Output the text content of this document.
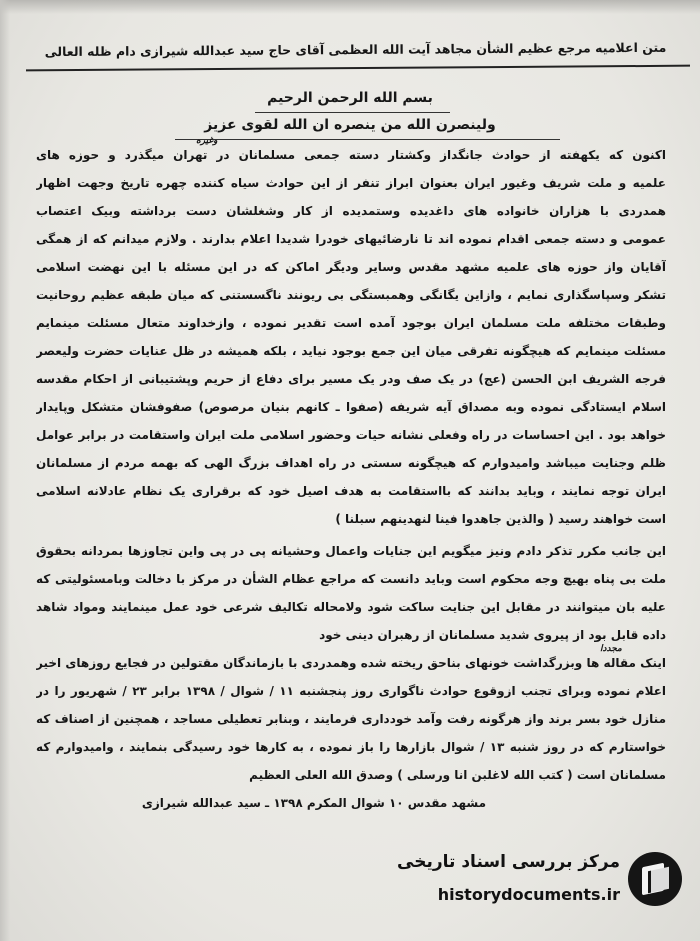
متن اعلامیه مرجع عظیم الشأن مجاهد آیت الله العظمی آقای حاج سید عبدالله شیرازی دام ظله العالی
بسم الله الرحمن الرحیم
ولینصرن الله من ینصره ان الله لقوی عزیز
وغیره
مجددا
اکنون که یکهفته از حوادث جانگداز وکشتار دسته جمعی مسلمانان در تهران میگذرد و حوزه های
علمیه و ملت شریف وغیور ایران بعنوان ابراز تنفر از این حوادث سیاه کننده چهره تاریخ وجهت اظهار
همدردی با هزاران خانواده های داغدیده وستمدیده از کار وشغلشان دست برداشته وبیک اعتصاب
عمومی و دسته جمعی اقدام نموده اند تا نارضائیهای خودرا شدیدا اعلام بدارند . ولازم میدانم که از همگی
آقایان واز حوزه های علمیه مشهد مقدس وسایر ودیگر اماکن که در این مسئله با این نهضت اسلامی
تشکر وسپاسگذاری نمایم ، وازاین یگانگی وهمبستگی بی ریونند ناگسستنی که میان طبقه عظیم روحانیت
وطبقات مختلفه ملت مسلمان ایران بوجود آمده است تقدیر نموده ، وازخداوند متعال مسئلت مینمایم
مسئلت مینمایم که هیچگونه تفرقی میان این جمع بوجود نیاید ، بلکه همیشه در ظل عنایات حضرت ولیعصر
فرجه الشریف ابن الحسن (عج) در یک صف ودر یک مسیر برای دفاع از حریم وپشتیبانی از احکام مقدسه
اسلام ایستادگی نموده وبه مصداق آیه شریفه (صفوا ـ کانهم بنیان مرصوص) صفوفشان متشکل وپایدار
خواهد بود . این احساسات در راه وفعلی نشانه حیات وحضور اسلامی ملت ایران واستقامت در برابر عوامل
ظلم وجنایت میباشد وامیدوارم که هیچگونه سستی در راه اهداف بزرگ الهی که بهمه مردم از مسلمانان
ایران توجه نمایند ، وباید بدانند که بااستقامت به هدف اصیل خود که برقراری یک نظام عادلانه اسلامی
است خواهند رسید ( والذین جاهدوا فینا لنهدینهم سبلنا )
این جانب مکرر تذکر دادم ونیز میگویم این جنایات واعمال وحشیانه پی در پی واین تجاوزها بمردانه بحقوق
ملت بی پناه بهیچ وجه محکوم است وباید دانست که مراجع عظام الشأن در مرکز با دخالت وبامسئولیتی که
علیه بان میتوانند در مقابل این جنایت ساکت شود ولامحاله تکالیف شرعی خود عمل مینمایند ومواد شاهد
داده قابل بود از پیروی شدید مسلمانان از رهبران دینی خود
اینک مقاله ها وبزرگداشت خونهای بناحق ریخته شده وهمدردی با بازماندگان مقتولین در فجایع روزهای اخیر
اعلام نموده وبرای تجنب ازوقوع حوادث ناگواری روز پنجشنبه ۱۱ / شوال / ۱۳۹۸ برابر ۲۳ / شهریور را در
منازل خود بسر برند واز هرگونه رفت وآمد خودداری فرمایند ، وبنابر تعطیلی مساجد ، همچنین از اصناف که
خواستارم که در روز شنبه ۱۳ / شوال بازارها را باز نموده ، به کارها خود رسیدگی بنمایند ، وامیدوارم که
مسلمانان است ( کتب الله لاغلبن انا ورسلی ) وصدق الله العلی العظیم
مشهد مقدس ۱۰ شوال المکرم ۱۳۹۸ ـ سید عبدالله شیرازی
مرکز بررسی اسناد تاریخی
historydocuments.ir
